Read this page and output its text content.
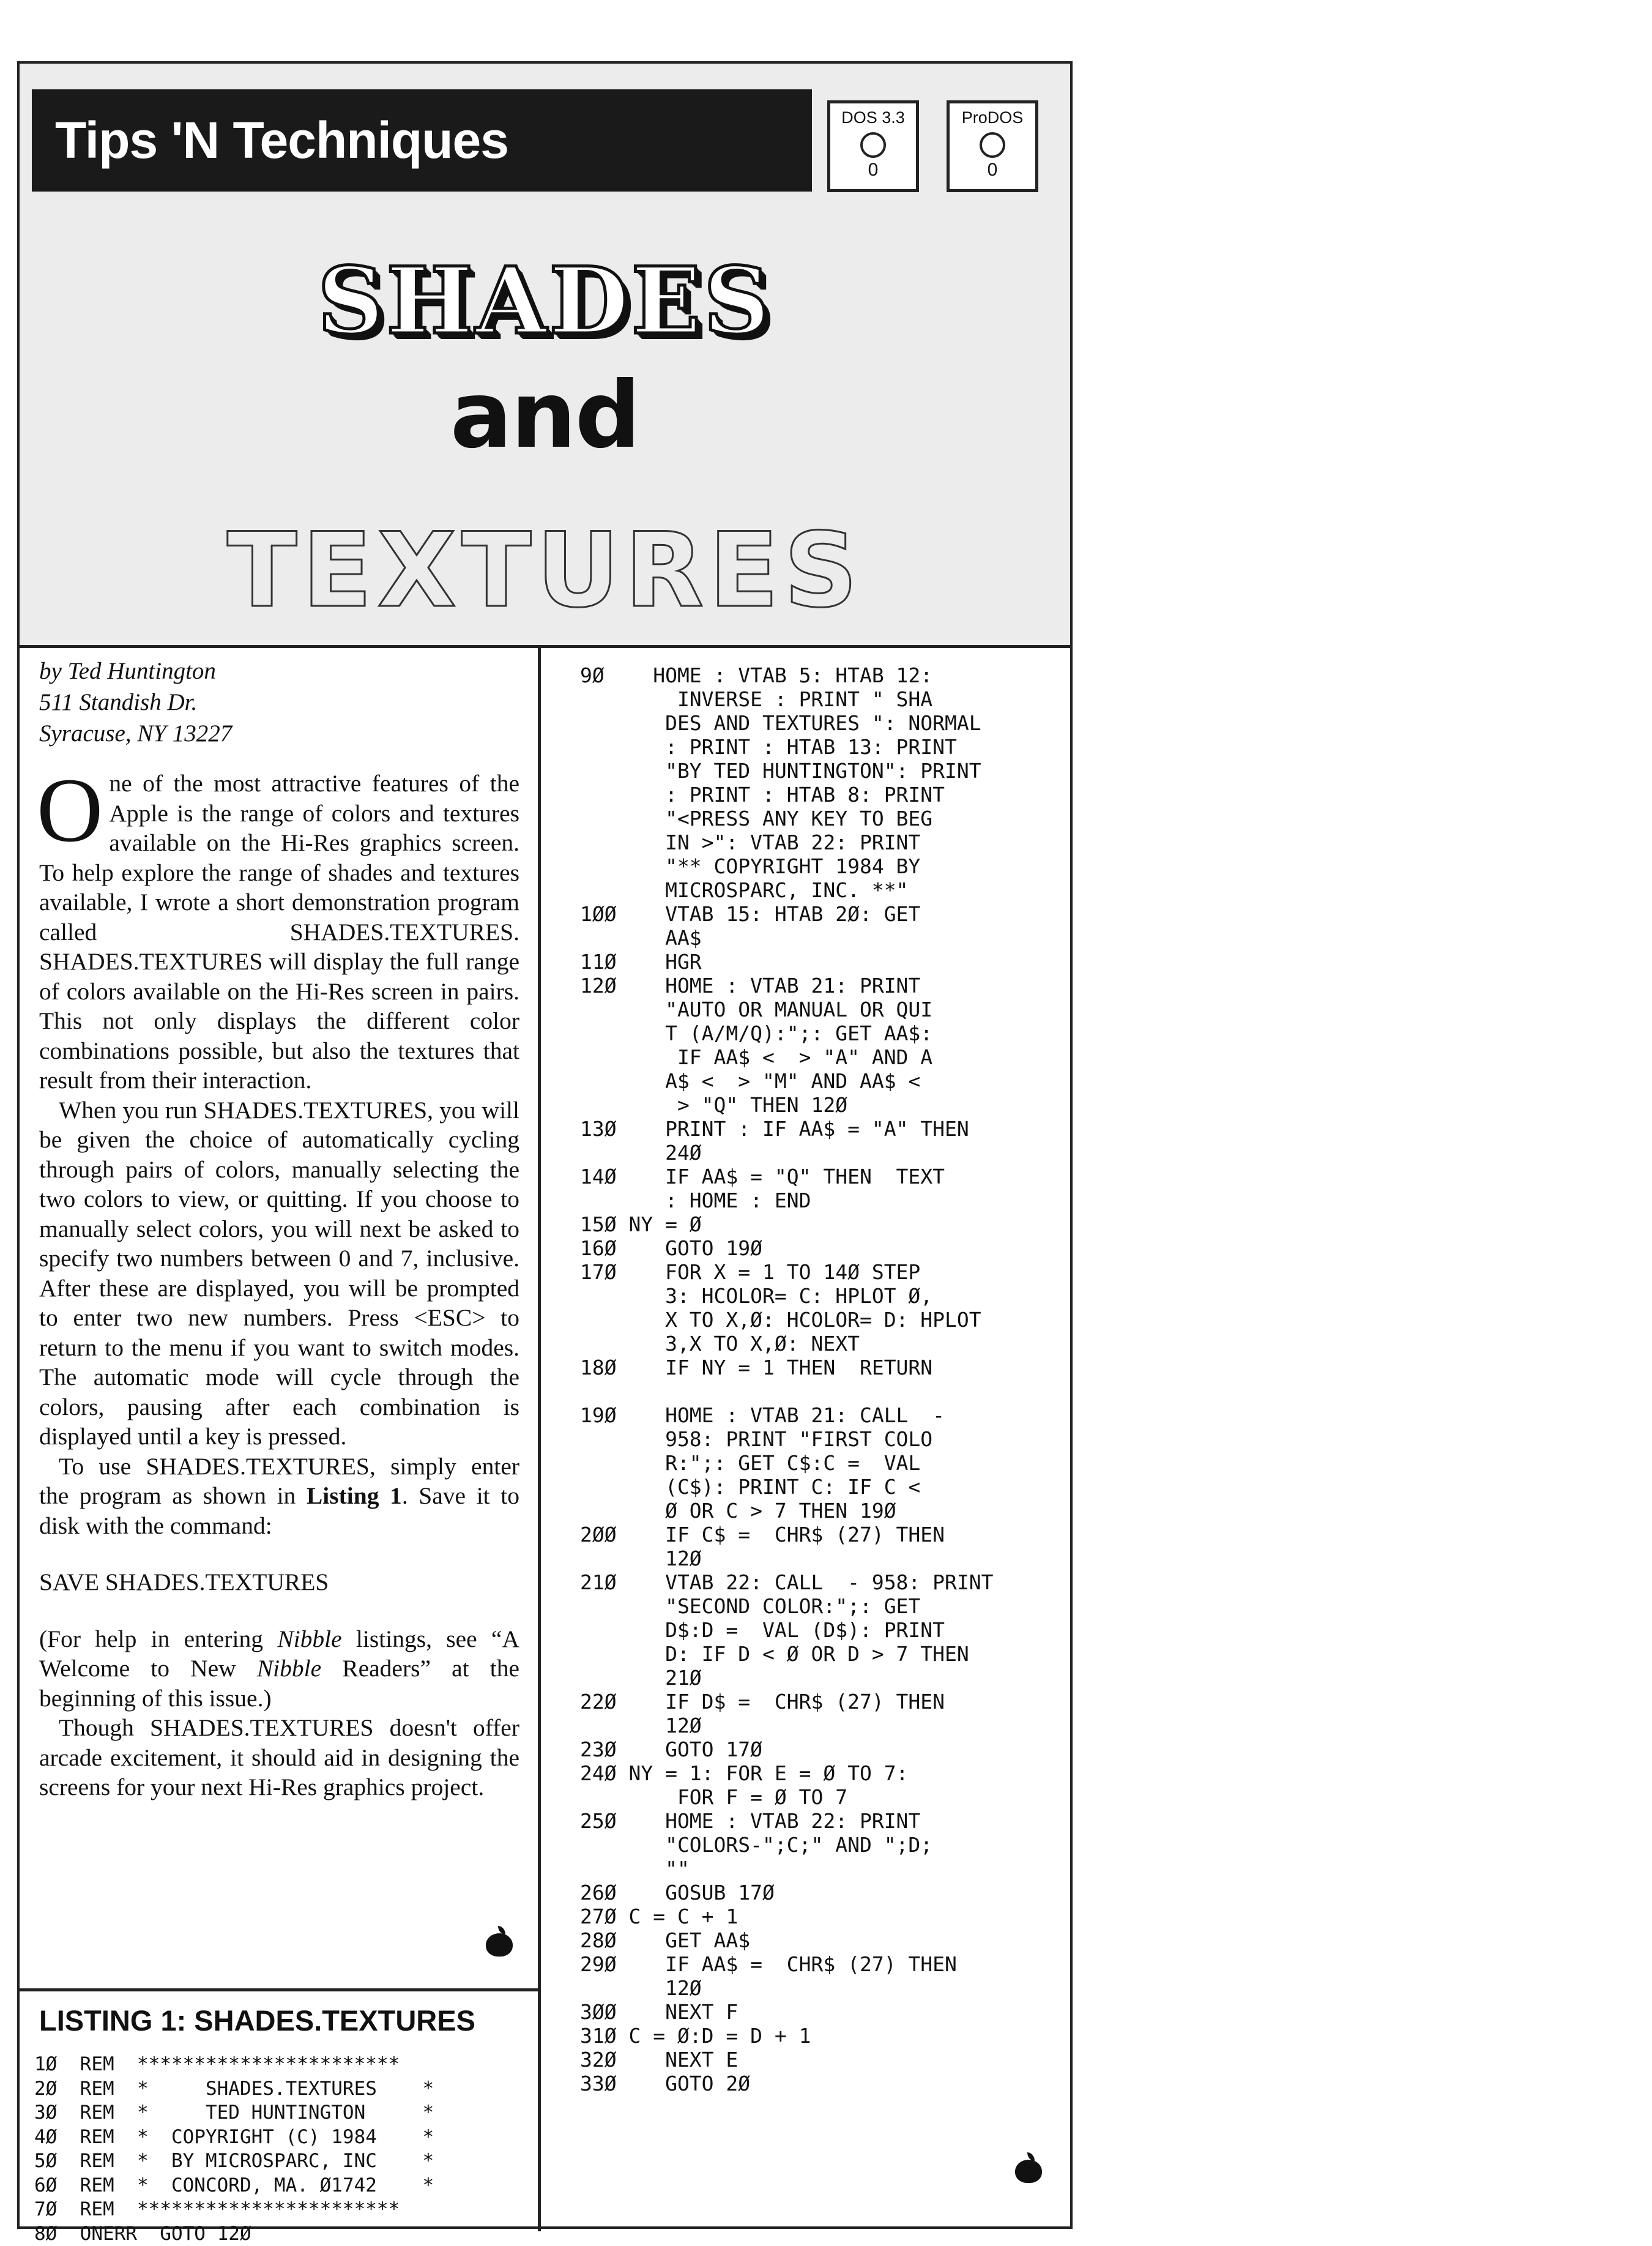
Tips 'N Techniques	DOS 3.3
0
ProDOS
0
SHADES
and
TEXTURES
by Ted Huntington
511 Standish Dr.
Syracuse, NY 13227

One of the most attractive features of the Apple is the range of colors and textures available on the Hi-Res graphics screen. To help explore the range of shades and textures available, I wrote a short demonstration program called SHADES.TEXTURES. SHADES.TEXTURES will display the full range of colors available on the Hi-Res screen in pairs. This not only displays the different color combinations possible, but also the textures that result from their interaction.

When you run SHADES.TEXTURES, you will be given the choice of automatically cycling through pairs of colors, manually selecting the two colors to view, or quitting. If you choose to manually select colors, you will next be asked to specify two numbers between 0 and 7, inclusive. After these are displayed, you will be prompted to enter two new numbers. Press <ESC> to return to the menu if you want to switch modes. The automatic mode will cycle through the colors, pausing after each combination is displayed until a key is pressed.

To use SHADES.TEXTURES, simply enter the program as shown in Listing 1. Save it to disk with the command:

SAVE SHADES.TEXTURES

(For help in entering Nibble listings, see “A Welcome to New Nibble Readers” at the beginning of this issue.)

Though SHADES.TEXTURES doesn't offer arcade excitement, it should aid in designing the screens for your next Hi-Res graphics project.

LISTING 1: SHADES.TEXTURES
1Ø  REM  ***********************
2Ø  REM  *     SHADES.TEXTURES    *
3Ø  REM  *     TED HUNTINGTON     *
4Ø  REM  *  COPYRIGHT (C) 1984    *
5Ø  REM  *  BY MICROSPARC, INC    *
6Ø  REM  *  CONCORD, MA. Ø1742    *
7Ø  REM  ***********************
8Ø  ONERR  GOTO 12Ø
9Ø    HOME : VTAB 5: HTAB 12:
INVERSE : PRINT " SHA
DES AND TEXTURES ": NORMAL
: PRINT : HTAB 13: PRINT
"BY TED HUNTINGTON": PRINT
: PRINT : HTAB 8: PRINT
"<PRESS ANY KEY TO BEG
IN >": VTAB 22: PRINT
"** COPYRIGHT 1984 BY
MICROSPARC, INC. **"
1ØØ    VTAB 15: HTAB 2Ø: GET
AA$
11Ø    HGR
12Ø    HOME : VTAB 21: PRINT
"AUTO OR MANUAL OR QUI
T (A/M/Q):";: GET AA$:
IF AA$ <  > "A" AND A
A$ <  > "M" AND AA$ <
> "Q" THEN 12Ø
13Ø    PRINT : IF AA$ = "A" THEN
24Ø
14Ø    IF AA$ = "Q" THEN  TEXT
: HOME : END
15Ø NY = Ø
16Ø    GOTO 19Ø
17Ø    FOR X = 1 TO 14Ø STEP
3: HCOLOR= C: HPLOT Ø,
X TO X,Ø: HCOLOR= D: HPLOT
3,X TO X,Ø: NEXT
18Ø    IF NY = 1 THEN  RETURN

19Ø    HOME : VTAB 21: CALL  -
958: PRINT "FIRST COLO
R:";: GET C$:C =  VAL
(C$): PRINT C: IF C <
Ø OR C > 7 THEN 19Ø
2ØØ    IF C$ =  CHR$ (27) THEN
12Ø
21Ø    VTAB 22: CALL  - 958: PRINT
"SECOND COLOR:";: GET
D$:D =  VAL (D$): PRINT
D: IF D < Ø OR D > 7 THEN
21Ø
22Ø    IF D$ =  CHR$ (27) THEN
12Ø
23Ø    GOTO 17Ø
24Ø NY = 1: FOR E = Ø TO 7:
FOR F = Ø TO 7
25Ø    HOME : VTAB 22: PRINT
"COLORS-";C;" AND ";D;
""
26Ø    GOSUB 17Ø
27Ø C = C + 1
28Ø    GET AA$
29Ø    IF AA$ =  CHR$ (27) THEN
12Ø
3ØØ    NEXT F
31Ø C = Ø:D = D + 1
32Ø    NEXT E
33Ø    GOTO 2Ø
